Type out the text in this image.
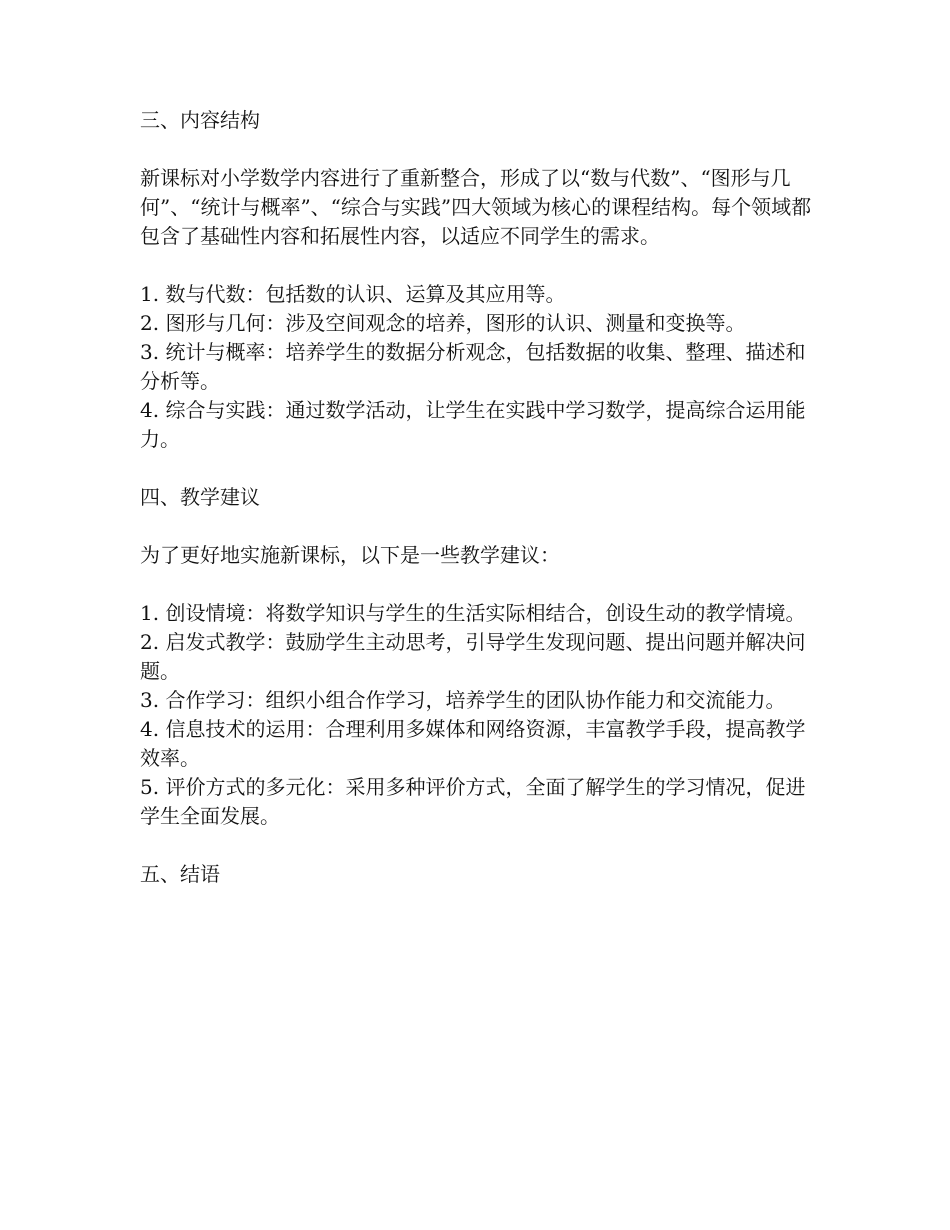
三、内容结构

新课标对小学数学内容进行了重新整合，形成了以“数与代数”、“图形与几何”、“统计与概率”、“综合与实践”四大领域为核心的课程结构。每个领域都包含了基础性内容和拓展性内容，以适应不同学生的需求。

1. 数与代数：包括数的认识、运算及其应用等。
2. 图形与几何：涉及空间观念的培养，图形的认识、测量和变换等。
3. 统计与概率：培养学生的数据分析观念，包括数据的收集、整理、描述和分析等。
4. 综合与实践：通过数学活动，让学生在实践中学习数学，提高综合运用能力。
四、教学建议

为了更好地实施新课标，以下是一些教学建议：

1. 创设情境：将数学知识与学生的生活实际相结合，创设生动的教学情境。
2. 启发式教学：鼓励学生主动思考，引导学生发现问题、提出问题并解决问题。
3. 合作学习：组织小组合作学习，培养学生的团队协作能力和交流能力。
4. 信息技术的运用：合理利用多媒体和网络资源，丰富教学手段，提高教学效率。
5. 评价方式的多元化：采用多种评价方式，全面了解学生的学习情况，促进学生全面发展。
五、结语
